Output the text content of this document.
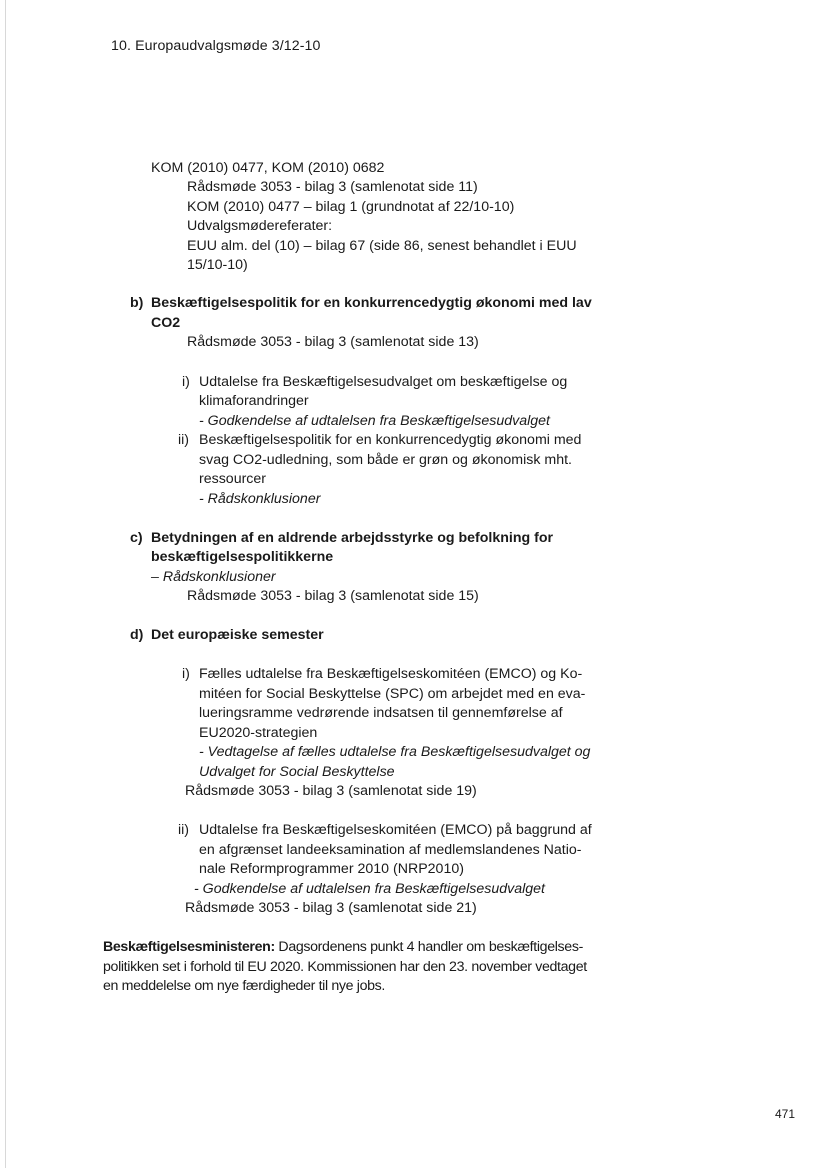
10. Europaudvalgsmøde 3/12-10
KOM (2010) 0477, KOM (2010) 0682
Rådsmøde 3053 - bilag 3 (samlenotat side 11)
KOM (2010) 0477 – bilag 1 (grundnotat af 22/10-10)
Udvalgsmødereferater:
EUU alm. del (10) – bilag 67 (side 86, senest behandlet i EUU
15/10-10)
b) Beskæftigelsespolitik for en konkurrencedygtig økonomi med lav
CO2
Rådsmøde 3053 - bilag 3 (samlenotat side 13)
i) Udtalelse fra Beskæftigelsesudvalget om beskæftigelse og
klimaforandringer
- Godkendelse af udtalelsen fra Beskæftigelsesudvalget
ii) Beskæftigelsespolitik for en konkurrencedygtig økonomi med
svag CO2-udledning, som både er grøn og økonomisk mht.
ressourcer
- Rådskonklusioner
c) Betydningen af en aldrende arbejdsstyrke og befolkning for
beskæftigelsespolitikkerne
– Rådskonklusioner
Rådsmøde 3053 - bilag 3 (samlenotat side 15)
d) Det europæiske semester
i) Fælles udtalelse fra Beskæftigelseskomitéen (EMCO) og Ko-
mitéen for Social Beskyttelse (SPC) om arbejdet med en eva-
lueringsramme vedrørende indsatsen til gennemførelse af
EU2020-strategien
- Vedtagelse af fælles udtalelse fra Beskæftigelsesudvalget og
Udvalget for Social Beskyttelse
Rådsmøde 3053 - bilag 3 (samlenotat side 19)
ii) Udtalelse fra Beskæftigelseskomitéen (EMCO) på baggrund af
en afgrænset landeeksamination af medlemslandenes Natio-
nale Reformprogrammer 2010 (NRP2010)
- Godkendelse af udtalelsen fra Beskæftigelsesudvalget
Rådsmøde 3053 - bilag 3 (samlenotat side 21)
Beskæftigelsesministeren: Dagsordenens punkt 4 handler om beskæftigelses-
politikken set i forhold til EU 2020. Kommissionen har den 23. november vedtaget
en meddelelse om nye færdigheder til nye jobs.
471
